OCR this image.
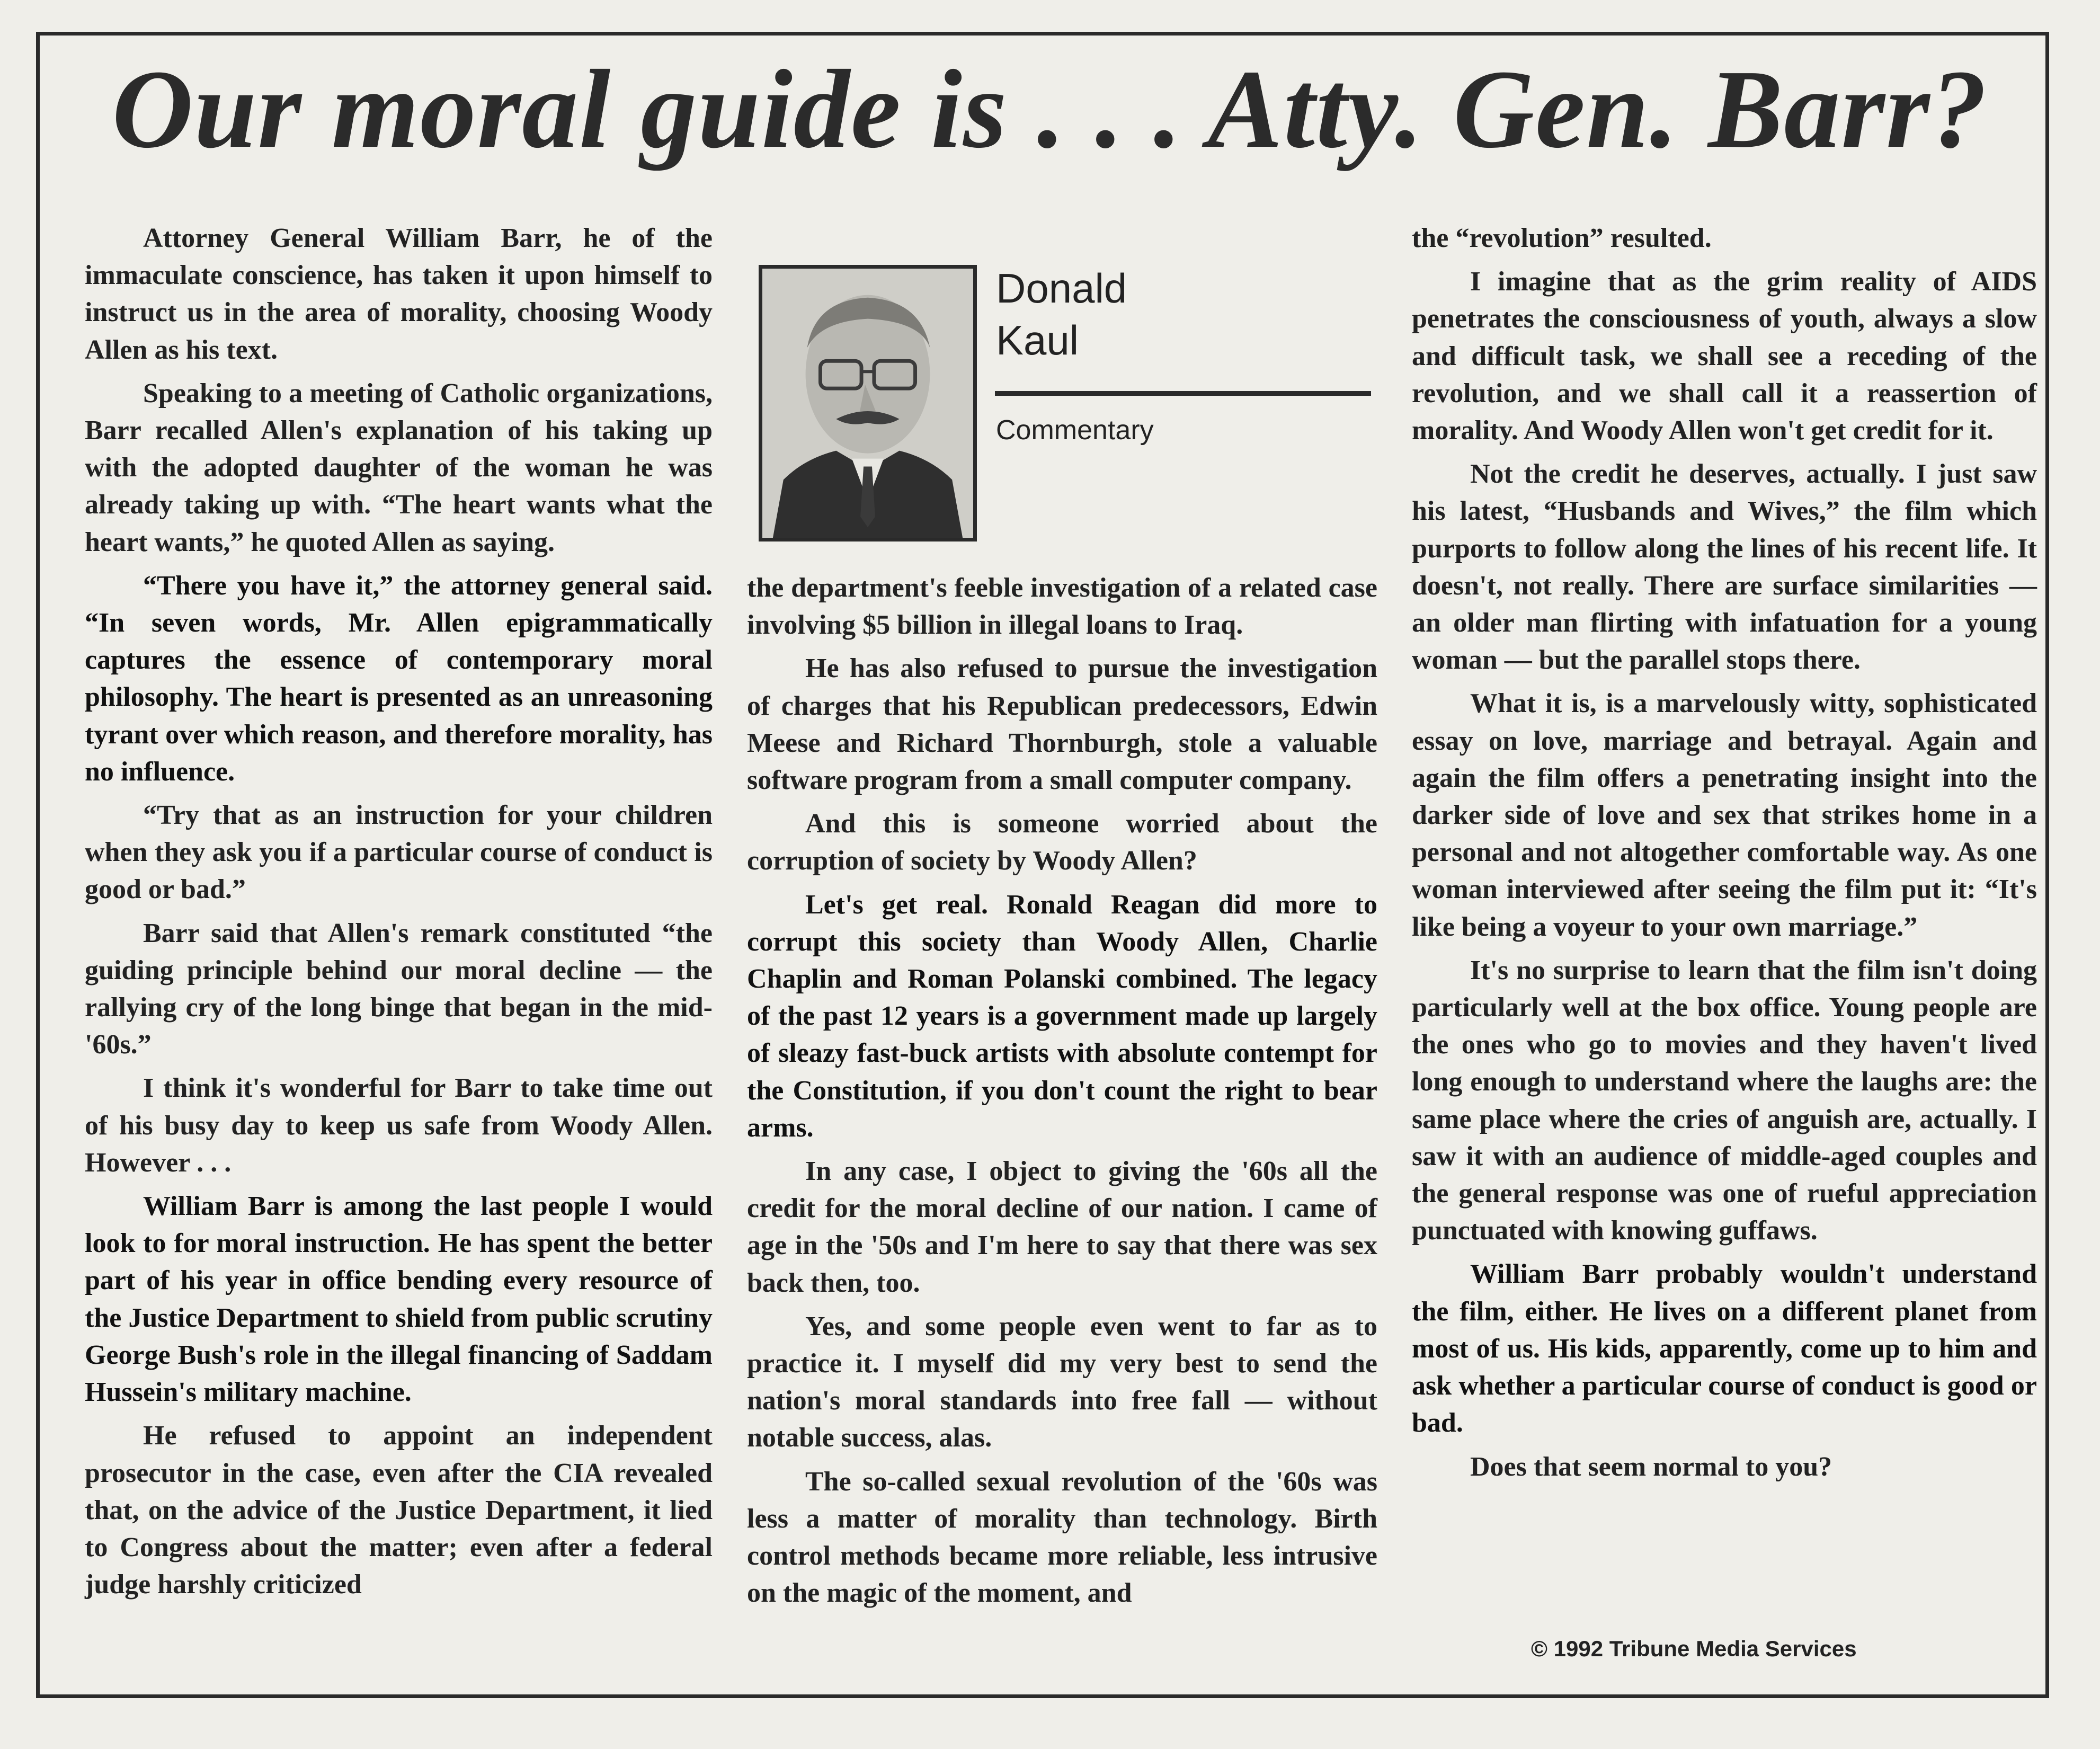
Our moral guide is . . . Atty. Gen. Barr?

Attorney General William Barr, he of the immaculate conscience, has taken it upon himself to instruct us in the area of morality, choosing Woody Allen as his text.

Speaking to a meeting of Catholic organizations, Barr recalled Allen's explanation of his taking up with the adopted daughter of the woman he was already taking up with. “The heart wants what the heart wants,” he quoted Allen as saying.

“There you have it,” the attorney general said. “In seven words, Mr. Allen epigrammatically captures the essence of contemporary moral philosophy. The heart is presented as an unreasoning tyrant over which reason, and therefore morality, has no influence.

“Try that as an instruction for your children when they ask you if a particular course of conduct is good or bad.”

Barr said that Allen's remark constituted “the guiding principle behind our moral decline — the rallying cry of the long binge that began in the mid-'60s.”

I think it's wonderful for Barr to take time out of his busy day to keep us safe from Woody Allen. However . . .

William Barr is among the last people I would look to for moral instruction. He has spent the better part of his year in office bending every resource of the Justice Department to shield from public scrutiny George Bush's role in the illegal financing of Saddam Hussein's military machine.

He refused to appoint an independent prosecutor in the case, even after the CIA revealed that, on the advice of the Justice Department, it lied to Congress about the matter; even after a federal judge harshly criticized

Donald
Kaul
Commentary

the department's feeble investigation of a related case involving $5 billion in illegal loans to Iraq.

He has also refused to pursue the investigation of charges that his Republican predecessors, Edwin Meese and Richard Thornburgh, stole a valuable software program from a small computer company.

And this is someone worried about the corruption of society by Woody Allen?

Let's get real. Ronald Reagan did more to corrupt this society than Woody Allen, Charlie Chaplin and Roman Polanski combined. The legacy of the past 12 years is a government made up largely of sleazy fast-buck artists with absolute contempt for the Constitution, if you don't count the right to bear arms.

In any case, I object to giving the '60s all the credit for the moral decline of our nation. I came of age in the '50s and I'm here to say that there was sex back then, too.

Yes, and some people even went to far as to practice it. I myself did my very best to send the nation's moral standards into free fall — without notable success, alas.

The so-called sexual revolution of the '60s was less a matter of morality than technology. Birth control methods became more reliable, less intrusive on the magic of the moment, and

the “revolution” resulted.

I imagine that as the grim reality of AIDS penetrates the consciousness of youth, always a slow and difficult task, we shall see a receding of the revolution, and we shall call it a reassertion of morality. And Woody Allen won't get credit for it.

Not the credit he deserves, actually. I just saw his latest, “Husbands and Wives,” the film which purports to follow along the lines of his recent life. It doesn't, not really. There are surface similarities — an older man flirting with infatuation for a young woman — but the parallel stops there.

What it is, is a marvelously witty, sophisticated essay on love, marriage and betrayal. Again and again the film offers a penetrating insight into the darker side of love and sex that strikes home in a personal and not altogether comfortable way. As one woman interviewed after seeing the film put it: “It's like being a voyeur to your own marriage.”

It's no surprise to learn that the film isn't doing particularly well at the box office. Young people are the ones who go to movies and they haven't lived long enough to understand where the laughs are: the same place where the cries of anguish are, actually. I saw it with an audience of middle-aged couples and the general response was one of rueful appreciation punctuated with knowing guffaws.

William Barr probably wouldn't understand the film, either. He lives on a different planet from most of us. His kids, apparently, come up to him and ask whether a particular course of conduct is good or bad.

Does that seem normal to you?

© 1992 Tribune Media Services
